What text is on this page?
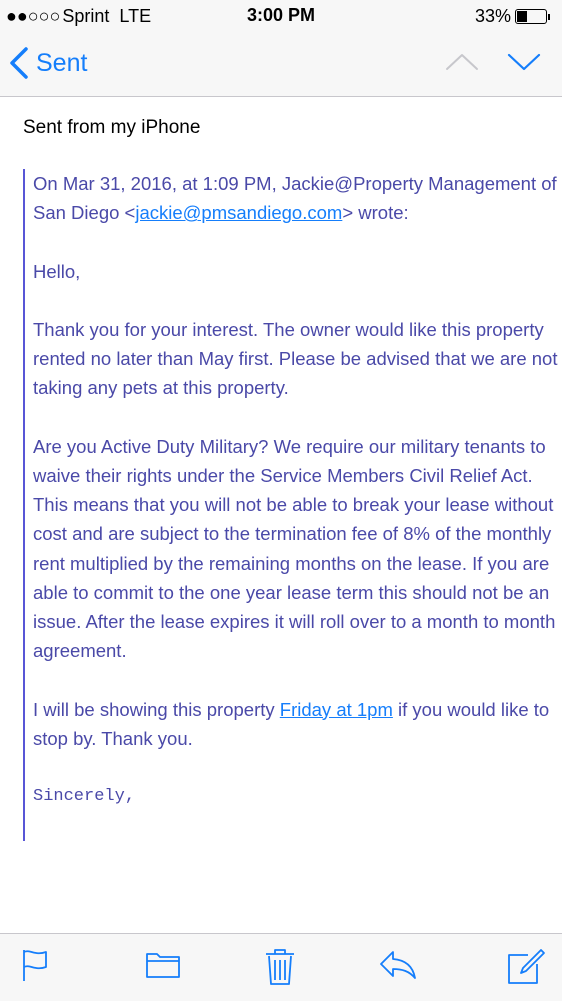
●●○○○ Sprint LTE	3:00 PM	33%
Sent
Sent from my iPhone

On Mar 31, 2016, at 1:09 PM, Jackie@Property Management of San Diego <jackie@pmsandiego.com> wrote:

Hello,

Thank you for your interest. The owner would like this property rented no later than May first. Please be advised that we are not taking any pets at this property.

Are you Active Duty Military? We require our military tenants to waive their rights under the Service Members Civil Relief Act. This means that you will not be able to break your lease without cost and are subject to the termination fee of 8% of the monthly rent multiplied by the remaining months on the lease. If you are able to commit to the one year lease term this should not be an issue. After the lease expires it will roll over to a month to month agreement.

I will be showing this property Friday at 1pm if you would like to stop by. Thank you.

Sincerely,
